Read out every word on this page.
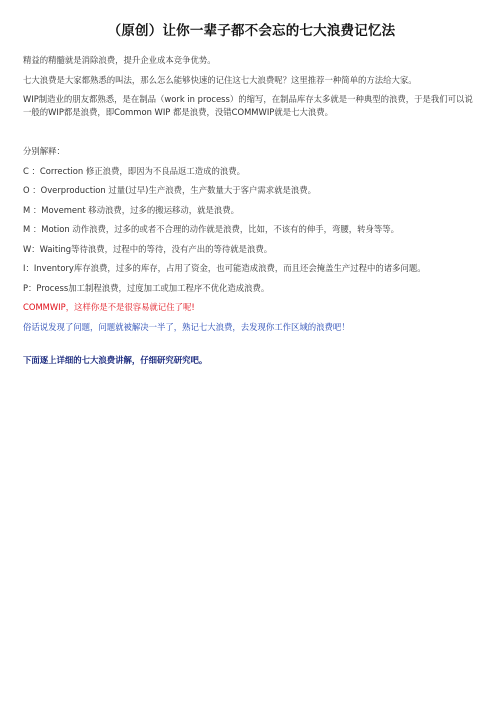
（原创）让你一辈子都不会忘的七大浪费记忆法

精益的精髓就是消除浪费，提升企业成本竞争优势。

七大浪费是大家都熟悉的叫法，那么怎么能够快速的记住这七大浪费呢？这里推荐一种简单的方法给大家。

WIP制造业的朋友都熟悉，是在制品（work in process）的缩写，在制品库存太多就是一种典型的浪费，于是我们可以说一般的WIP都是浪费，即Common WIP 都是浪费，没错COMMWIP就是七大浪费。

分别解释：

C ：Correction 修正浪费，即因为不良品返工造成的浪费。

O ：Overproduction 过量(过早)生产浪费，生产数量大于客户需求就是浪费。

M ：Movement 移动浪费，过多的搬运移动，就是浪费。

M ：Motion 动作浪费，过多的或者不合理的动作就是浪费，比如，不该有的伸手，弯腰，转身等等。

W：Waiting等待浪费，过程中的等待，没有产出的等待就是浪费。

I：Inventory库存浪费，过多的库存，占用了资金，也可能造成浪费，而且还会掩盖生产过程中的诸多问题。

P：Process加工制程浪费，过度加工或加工程序不优化造成浪费。

COMMWIP，这样你是不是很容易就记住了呢!

俗话说发现了问题，问题就被解决一半了，熟记七大浪费，去发现你工作区域的浪费吧！

下面逐上详细的七大浪费讲解，仔细研究研究吧。
